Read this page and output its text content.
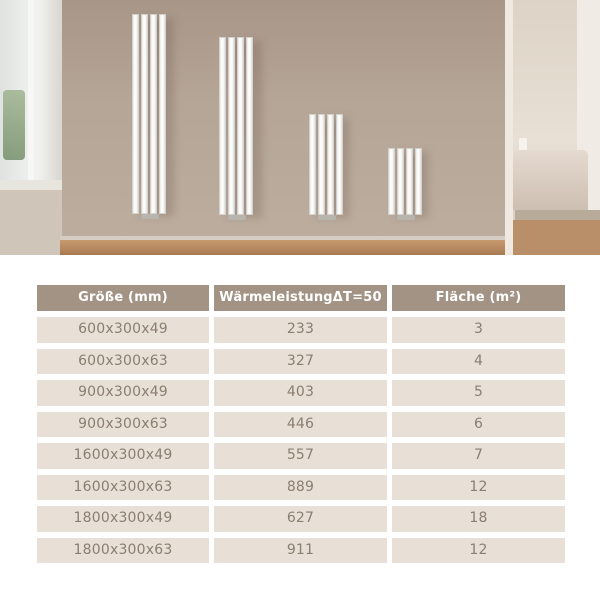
Größe (mm)	WärmeleistungΔT=50	Fläche (m²)
600x300x49	233	3
600x300x63	327	4
900x300x49	403	5
900x300x63	446	6
1600x300x49	557	7
1600x300x63	889	12
1800x300x49	627	18
1800x300x63	911	12
